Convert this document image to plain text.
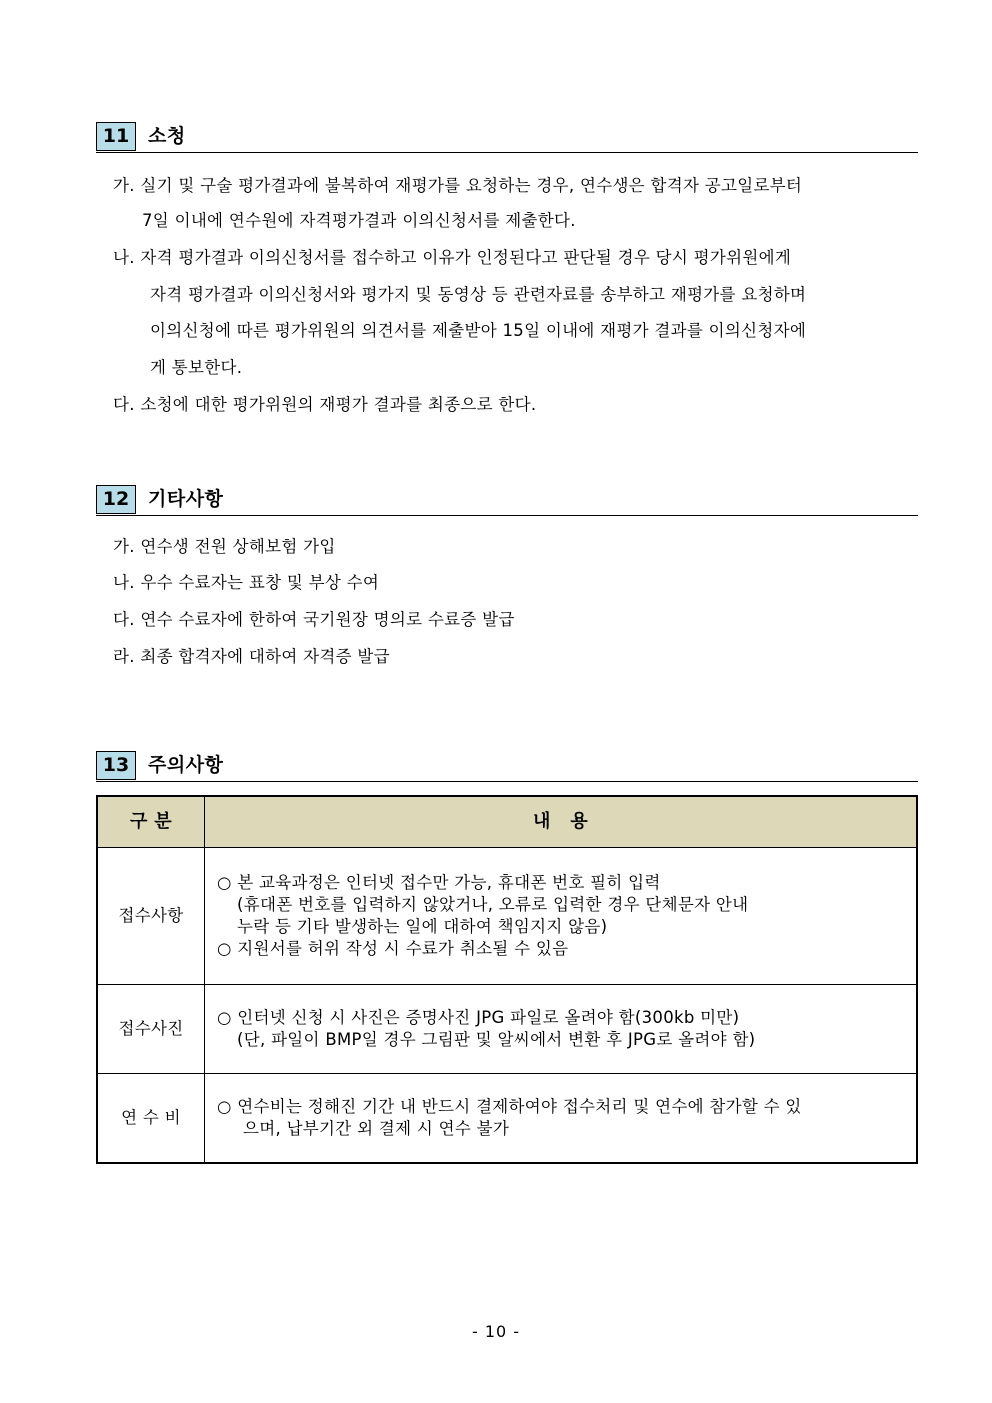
11 소청
가. 실기 및 구술 평가결과에 불복하여 재평가를 요청하는 경우, 연수생은 합격자 공고일로부터
7일 이내에 연수원에 자격평가결과 이의신청서를 제출한다.
나. 자격 평가결과 이의신청서를 접수하고 이유가 인정된다고 판단될 경우 당시 평가위원에게
자격 평가결과 이의신청서와 평가지 및 동영상 등 관련자료를 송부하고 재평가를 요청하며
이의신청에 따른 평가위원의 의견서를 제출받아 15일 이내에 재평가 결과를 이의신청자에
게 통보한다.
다. 소청에 대한 평가위원의 재평가 결과를 최종으로 한다.
12 기타사항
가. 연수생 전원 상해보험 가입
나. 우수 수료자는 표창 및 부상 수여
다. 연수 수료자에 한하여 국기원장 명의로 수료증 발급
라. 최종 합격자에 대하여 자격증 발급
13 주의사항
구 분	내   용
접수사항	○ 본 교육과정은 인터넷 접수만 가능, 휴대폰 번호 필히 입력
(휴대폰 번호를 입력하지 않았거나, 오류로 입력한 경우 단체문자 안내
누락 등 기타 발생하는 일에 대하여 책임지지 않음)
○ 지원서를 허위 작성 시 수료가 취소될 수 있음

접수사진	○ 인터넷 신청 시 사진은 증명사진 JPG 파일로 올려야 함(300kb 미만)
(단, 파일이 BMP일 경우 그림판 및 알씨에서 변환 후 JPG로 올려야 함)

연 수 비	○ 연수비는 정해진 기간 내 반드시 결제하여야 접수처리 및 연수에 참가할 수 있
으며, 납부기간 외 결제 시 연수 불가
- 10 -
